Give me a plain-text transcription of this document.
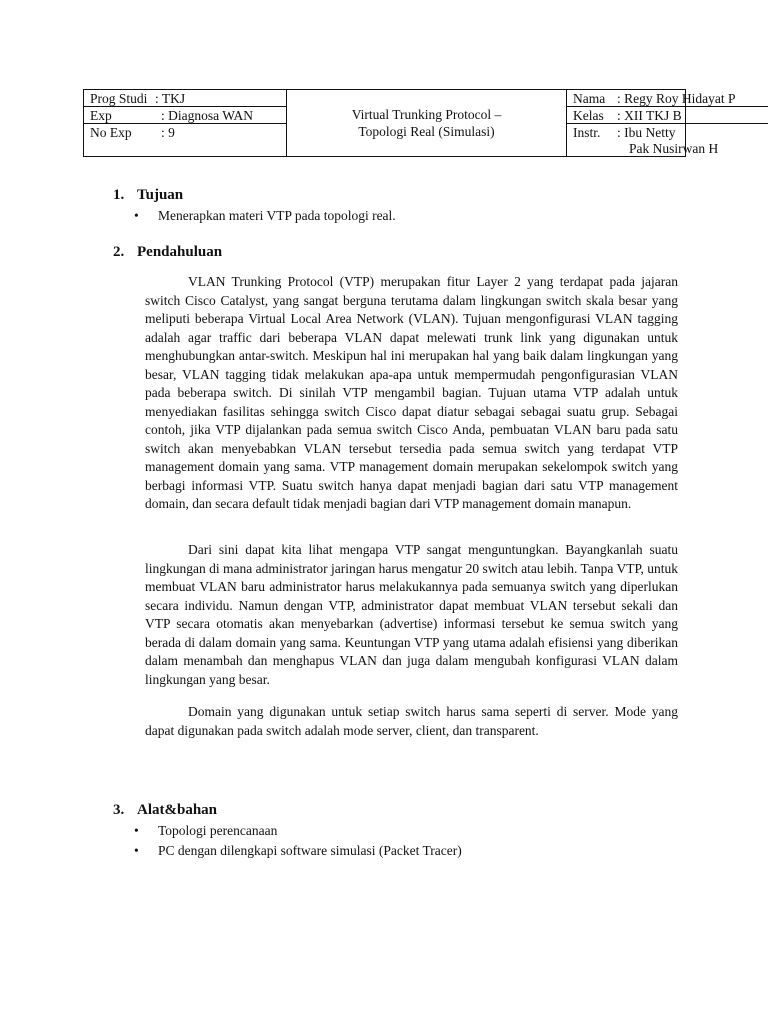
Prog Studi : TKJ
Exp	: Diagnosa WAN
No Exp : 9
Virtual Trunking Protocol –
Topologi Real (Simulasi)
Nama : Regy Roy Hidayat P
Kelas : XII TKJ B
Instr. : Ibu Netty
Pak Nusirwan H
1. Tujuan
• Menerapkan materi VTP pada topologi real.
2. Pendahuluan

VLAN Trunking Protocol (VTP) merupakan fitur Layer 2 yang terdapat pada jajaran switch Cisco Catalyst, yang sangat berguna terutama dalam lingkungan switch skala besar yang meliputi beberapa Virtual Local Area Network (VLAN). Tujuan mengonfigurasi VLAN tagging adalah agar traffic dari beberapa VLAN dapat melewati trunk link yang digunakan untuk menghubungkan antar-switch. Meskipun hal ini merupakan hal yang baik dalam lingkungan yang besar, VLAN tagging tidak melakukan apa-apa untuk mempermudah pengonfigurasian VLAN pada beberapa switch. Di sinilah VTP mengambil bagian. Tujuan utama VTP adalah untuk menyediakan fasilitas sehingga switch Cisco dapat diatur sebagai sebagai suatu grup. Sebagai contoh, jika VTP dijalankan pada semua switch Cisco Anda, pembuatan VLAN baru pada satu switch akan menyebabkan VLAN tersebut tersedia pada semua switch yang terdapat VTP management domain yang sama. VTP management domain merupakan sekelompok switch yang berbagi informasi VTP. Suatu switch hanya dapat menjadi bagian dari satu VTP management domain, dan secara default tidak menjadi bagian dari VTP management domain manapun.

Dari sini dapat kita lihat mengapa VTP sangat menguntungkan. Bayangkanlah suatu lingkungan di mana administrator jaringan harus mengatur 20 switch atau lebih. Tanpa VTP, untuk membuat VLAN baru administrator harus melakukannya pada semuanya switch yang diperlukan secara individu. Namun dengan VTP, administrator dapat membuat VLAN tersebut sekali dan VTP secara otomatis akan menyebarkan (advertise) informasi tersebut ke semua switch yang berada di dalam domain yang sama. Keuntungan VTP yang utama adalah efisiensi yang diberikan dalam menambah dan menghapus VLAN dan juga dalam mengubah konfigurasi VLAN dalam lingkungan yang besar.

Domain yang digunakan untuk setiap switch harus sama seperti di server. Mode yang dapat digunakan pada switch adalah mode server, client, dan transparent.

3. Alat&bahan
• Topologi perencanaan
• PC dengan dilengkapi software simulasi (Packet Tracer)
